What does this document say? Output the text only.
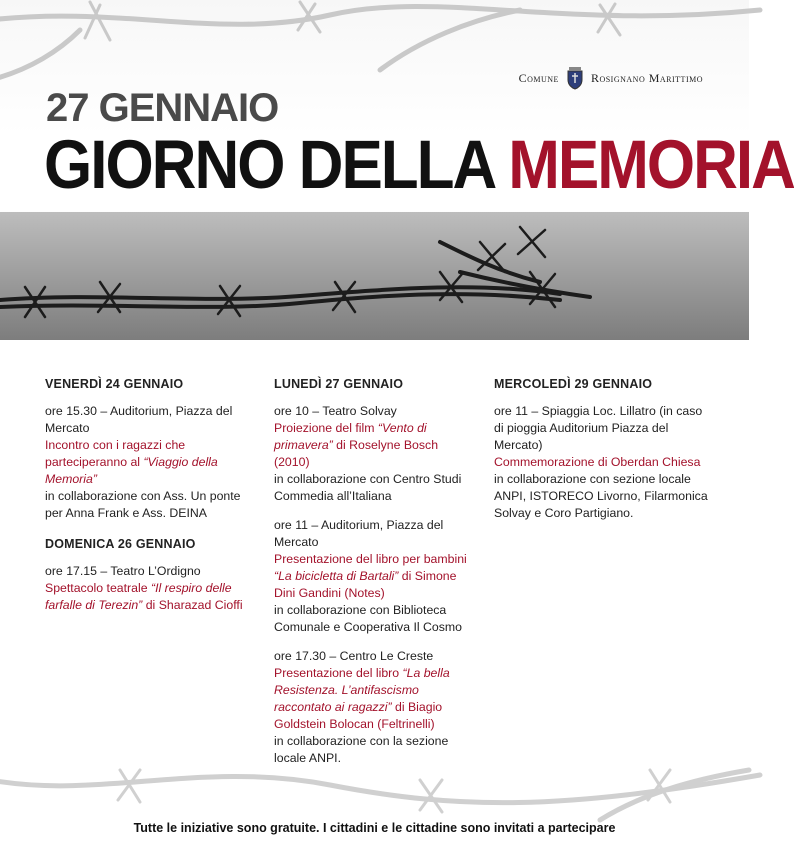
Comune	Rosignano Marittimo
27 GENNAIO
GIORNO DELLA MEMORIA
VENERDÌ 24 GENNAIO
ore 15.30 – Auditorium, Piazza del Mercato
Incontro con i ragazzi che parteciperanno al “Viaggio della Memoria”
in collaborazione con Ass. Un ponte per Anna Frank e Ass. DEINA
DOMENICA 26 GENNAIO
ore 17.15 – Teatro L’Ordigno
Spettacolo teatrale “Il respiro delle farfalle di Terezin” di Sharazad Cioffi
LUNEDÌ 27 GENNAIO
ore 10 – Teatro Solvay
Proiezione del film “Vento di primavera” di Roselyne Bosch (2010)
in collaborazione con Centro Studi Commedia all’Italiana
ore 11 – Auditorium, Piazza del Mercato
Presentazione del libro per bambini “La bicicletta di Bartali” di Simone Dini Gandini (Notes)
in collaborazione con Biblioteca Comunale e Cooperativa Il Cosmo
ore 17.30 – Centro Le Creste
Presentazione del libro “La bella Resistenza. L’antifascismo raccontato ai ragazzi” di Biagio Goldstein Bolocan (Feltrinelli)
in collaborazione con la sezione locale ANPI.
MERCOLEDÌ 29 GENNAIO
ore 11 – Spiaggia Loc. Lillatro (in caso di pioggia Auditorium Piazza del Mercato)
Commemorazione di Oberdan Chiesa
in collaborazione con sezione locale ANPI, ISTORECO Livorno, Filarmonica Solvay e Coro Partigiano.
Tutte le iniziative sono gratuite. I cittadini e le cittadine sono invitati a partecipare
